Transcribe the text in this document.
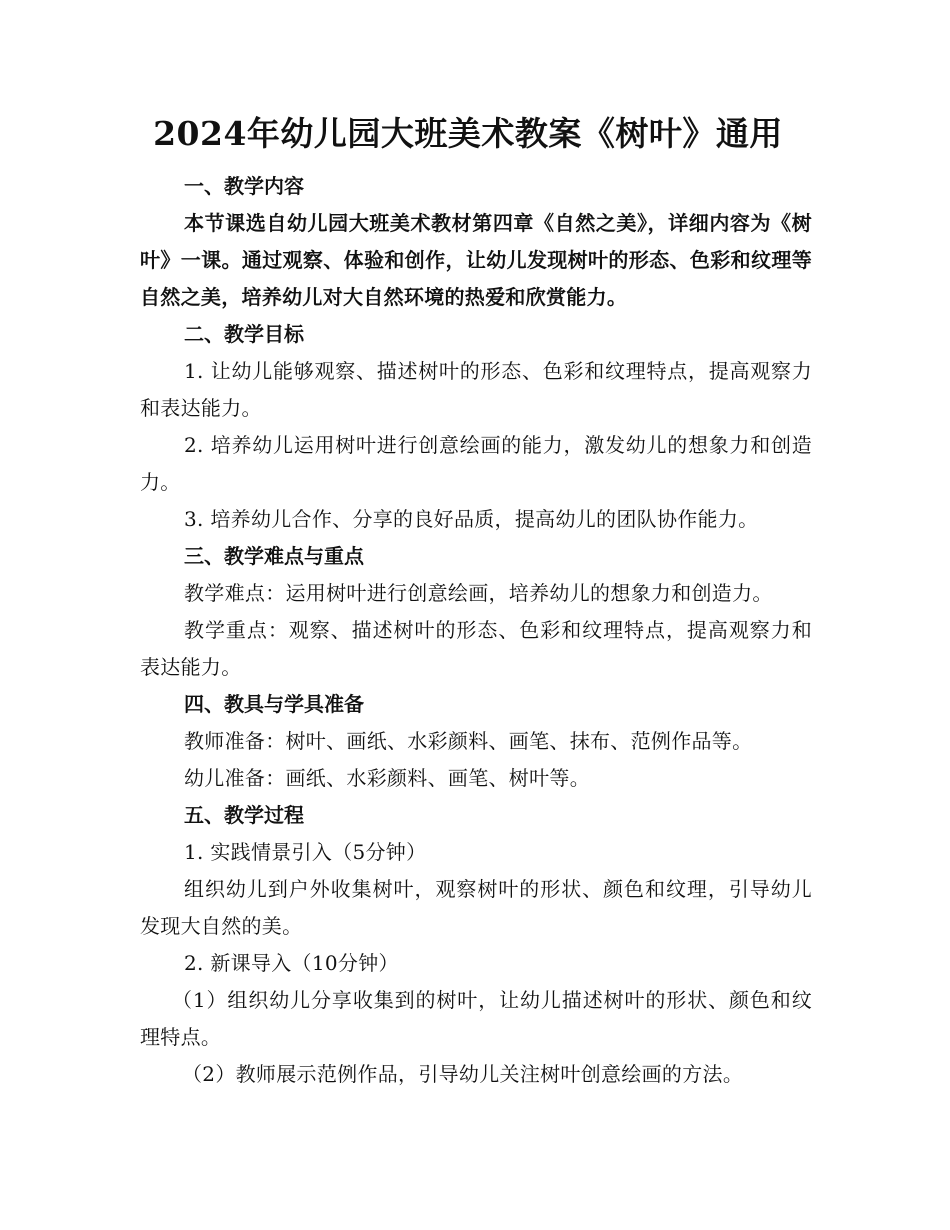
2024年幼儿园大班美术教案《树叶》通用

一、教学内容

本节课选自幼儿园大班美术教材第四章《自然之美》，详细内容为《树叶》一课。通过观察、体验和创作，让幼儿发现树叶的形态、色彩和纹理等自然之美，培养幼儿对大自然环境的热爱和欣赏能力。

二、教学目标

1. 让幼儿能够观察、描述树叶的形态、色彩和纹理特点，提高观察力和表达能力。

2. 培养幼儿运用树叶进行创意绘画的能力，激发幼儿的想象力和创造力。

3. 培养幼儿合作、分享的良好品质，提高幼儿的团队协作能力。

三、教学难点与重点

教学难点：运用树叶进行创意绘画，培养幼儿的想象力和创造力。

教学重点：观察、描述树叶的形态、色彩和纹理特点，提高观察力和表达能力。

四、教具与学具准备

教师准备：树叶、画纸、水彩颜料、画笔、抹布、范例作品等。

幼儿准备：画纸、水彩颜料、画笔、树叶等。

五、教学过程

1. 实践情景引入（5分钟）

组织幼儿到户外收集树叶，观察树叶的形状、颜色和纹理，引导幼儿发现大自然的美。

2. 新课导入（10分钟）

（1）组织幼儿分享收集到的树叶，让幼儿描述树叶的形状、颜色和纹理特点。

（2）教师展示范例作品，引导幼儿关注树叶创意绘画的方法。
